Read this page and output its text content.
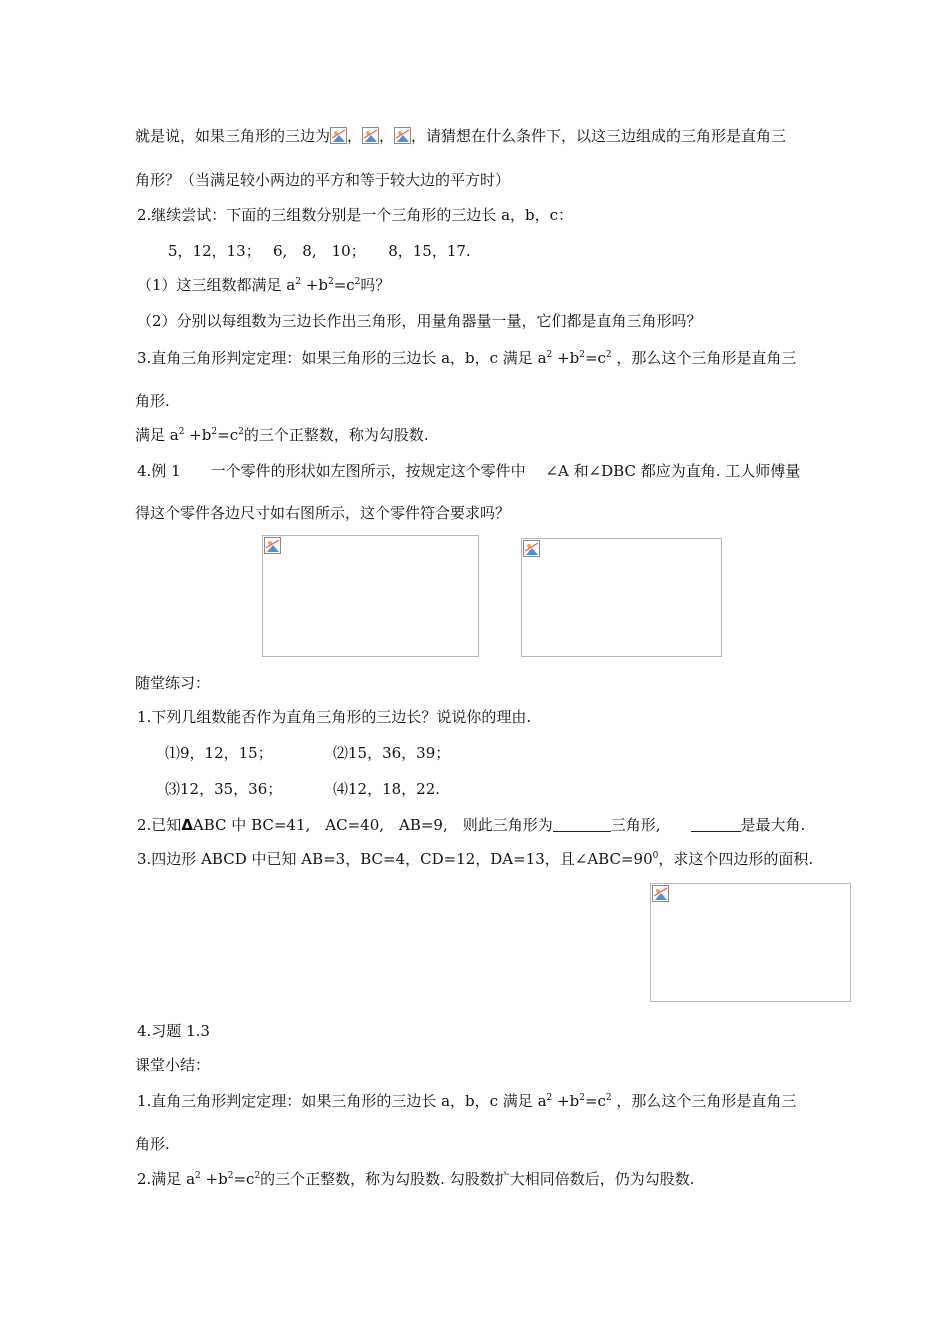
就是说，如果三角形的三边为 ， ， ，请猜想在什么条件下，以这三边组成的三角形是直角三
角形？（当满足较小两边的平方和等于较大边的平方时）
2.继续尝试：下面的三组数分别是一个三角形的三边长 a，b，c：
5，12，13；　 6,　8,　10；　　8，15，17.
（1）这三组数都满足 $a^2 +b^2=c^2$吗？
（2）分别以每组数为三边长作出三角形，用量角器量一量，它们都是直角三角形吗？
3.直角三角形判定定理：如果三角形的三边长 a，b，c 满足 $a^2 +b^2=c^2$ ，那么这个三角形是直角三
角形.
满足 $a^2 +b^2=c^2$的三个正整数，称为勾股数.
4.例 1　　一个零件的形状如左图所示，按规定这个零件中　 ∠A 和∠DBC 都应为直角. 工人师傅量
得这个零件各边尺寸如右图所示，这个零件符合要求吗？
随堂练习：
1.下列几组数能否作为直角三角形的三边长？说说你的理由.
⑴9，12，15；	⑵15，36，39；
⑶12，35，36；	⑷12，18，22.
2.已知ΔABC 中 BC=41,　AC=40,　AB=9,　则此三角形为	三角形,　　	是最大角.
3.四边形 ABCD 中已知 AB=3，BC=4，CD=12，DA=13，且$\angle ABC=90^0$，求这个四边形的面积.
4.习题 1.3
课堂小结：
1.直角三角形判定定理：如果三角形的三边长 a，b，c 满足 $a^2 +b^2=c^2$ ，那么这个三角形是直角三
角形.
2.满足 $a^2 +b^2=c^2$的三个正整数，称为勾股数. 勾股数扩大相同倍数后，仍为勾股数.
